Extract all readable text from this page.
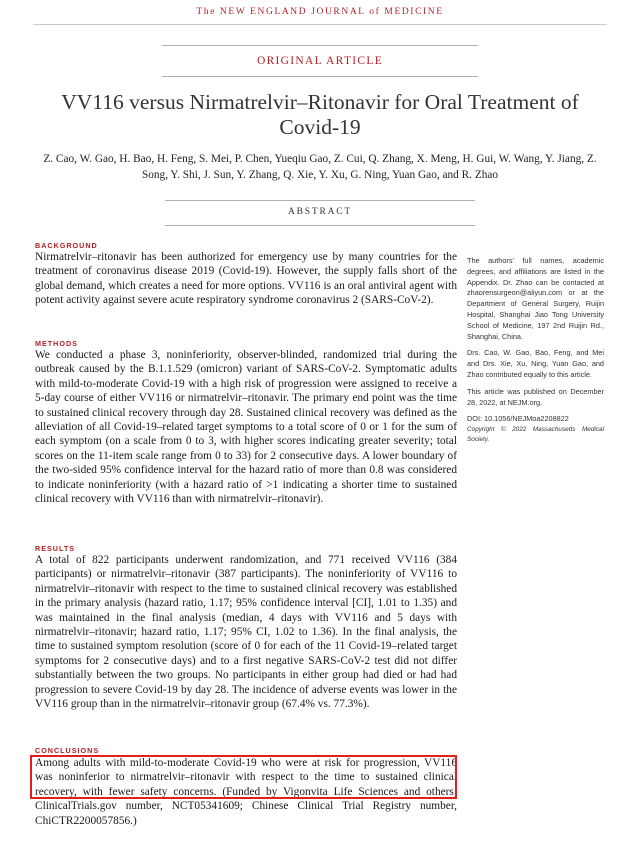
The NEW ENGLAND JOURNAL of MEDICINE
ORIGINAL ARTICLE
VV116 versus Nirmatrelvir–Ritonavir for Oral Treatment of Covid-19
Z. Cao, W. Gao, H. Bao, H. Feng, S. Mei, P. Chen, Yueqiu Gao, Z. Cui, Q. Zhang, X. Meng, H. Gui, W. Wang, Y. Jiang, Z. Song, Y. Shi, J. Sun, Y. Zhang, Q. Xie, Y. Xu, G. Ning, Yuan Gao, and R. Zhao
ABSTRACT
BACKGROUND
Nirmatrelvir–ritonavir has been authorized for emergency use by many countries for the treatment of coronavirus disease 2019 (Covid-19). However, the supply falls short of the global demand, which creates a need for more options. VV116 is an oral antiviral agent with potent activity against severe acute respiratory syndrome coronavirus 2 (SARS-CoV-2).
METHODS
We conducted a phase 3, noninferiority, observer-blinded, randomized trial during the outbreak caused by the B.1.1.529 (omicron) variant of SARS-CoV-2. Symptomatic adults with mild-to-moderate Covid-19 with a high risk of progression were assigned to receive a 5-day course of either VV116 or nirmatrelvir–ritonavir. The primary end point was the time to sustained clinical recovery through day 28. Sustained clinical recovery was defined as the alleviation of all Covid-19–related target symptoms to a total score of 0 or 1 for the sum of each symptom (on a scale from 0 to 3, with higher scores indicating greater severity; total scores on the 11-item scale range from 0 to 33) for 2 consecutive days. A lower boundary of the two-sided 95% confidence interval for the hazard ratio of more than 0.8 was considered to indicate noninferiority (with a hazard ratio of >1 indicating a shorter time to sustained clinical recovery with VV116 than with nirmatrelvir–ritonavir).
RESULTS
A total of 822 participants underwent randomization, and 771 received VV116 (384 participants) or nirmatrelvir–ritonavir (387 participants). The noninferiority of VV116 to nirmatrelvir–ritonavir with respect to the time to sustained clinical recovery was established in the primary analysis (hazard ratio, 1.17; 95% confidence interval [CI], 1.01 to 1.35) and was maintained in the final analysis (median, 4 days with VV116 and 5 days with nirmatrelvir–ritonavir; hazard ratio, 1.17; 95% CI, 1.02 to 1.36). In the final analysis, the time to sustained symptom resolution (score of 0 for each of the 11 Covid-19–related target symptoms for 2 consecutive days) and to a first negative SARS-CoV-2 test did not differ substantially between the two groups. No participants in either group had died or had had progression to severe Covid-19 by day 28. The incidence of adverse events was lower in the VV116 group than in the nirmatrelvir–ritonavir group (67.4% vs. 77.3%).
CONCLUSIONS
Among adults with mild-to-moderate Covid-19 who were at risk for progression, VV116 was noninferior to nirmatrelvir–ritonavir with respect to the time to sustained clinical recovery, with fewer safety concerns. (Funded by Vigonvita Life Sciences and others; ClinicalTrials.gov number, NCT05341609; Chinese Clinical Trial Registry number, ChiCTR2200057856.)

The authors' full names, academic degrees, and affiliations are listed in the Appendix. Dr. Zhao can be contacted at zhaorensurgeon@aliyun.com or at the Department of General Surgery, Ruijin Hospital, Shanghai Jiao Tong University School of Medicine, 197 2nd Ruijin Rd., Shanghai, China.

Drs. Cao, W. Gao, Bao, Feng, and Mei and Drs. Xie, Xu, Ning, Yuan Gao, and Zhao contributed equally to this article.

This article was published on December 28, 2022, at NEJM.org.

DOI: 10.1056/NEJMoa2208822

Copyright © 2022 Massachusetts Medical Society.
